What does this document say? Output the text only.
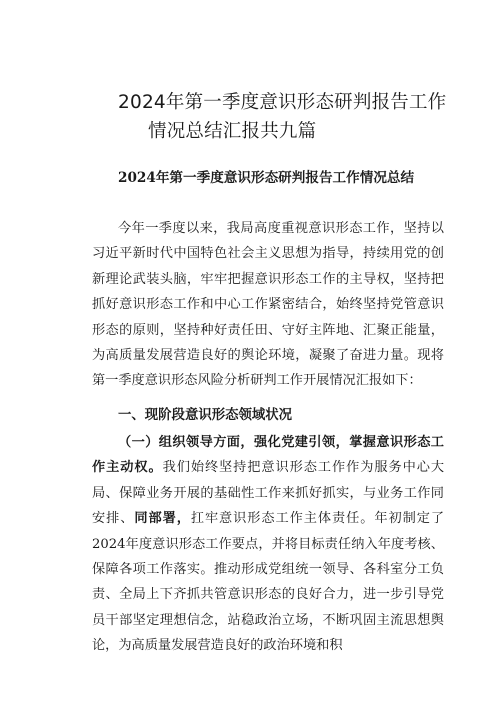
2024年第一季度意识形态研判报告工作
情况总结汇报共九篇
2024年第一季度意识形态研判报告工作情况总结

今年一季度以来，我局高度重视意识形态工作，坚持以习近平新时代中国特色社会主义思想为指导，持续用党的创新理论武装头脑，牢牢把握意识形态工作的主导权，坚持把抓好意识形态工作和中心工作紧密结合，始终坚持党管意识形态的原则，坚持种好责任田、守好主阵地、汇聚正能量，为高质量发展营造良好的舆论环境，凝聚了奋进力量。现将第一季度意识形态风险分析研判工作开展情况汇报如下：

一、现阶段意识形态领域状况

（一）组织领导方面，强化党建引领，掌握意识形态工作主动权。我们始终坚持把意识形态工作作为服务中心大局、保障业务开展的基础性工作来抓好抓实，与业务工作同安排、同部署，扛牢意识形态工作主体责任。年初制定了2024年度意识形态工作要点，并将目标责任纳入年度考核、保障各项工作落实。推动形成党组统一领导、各科室分工负责、全局上下齐抓共管意识形态的良好合力，进一步引导党员干部坚定理想信念，站稳政治立场，不断巩固主流思想舆论，为高质量发展营造良好的政治环境和积
